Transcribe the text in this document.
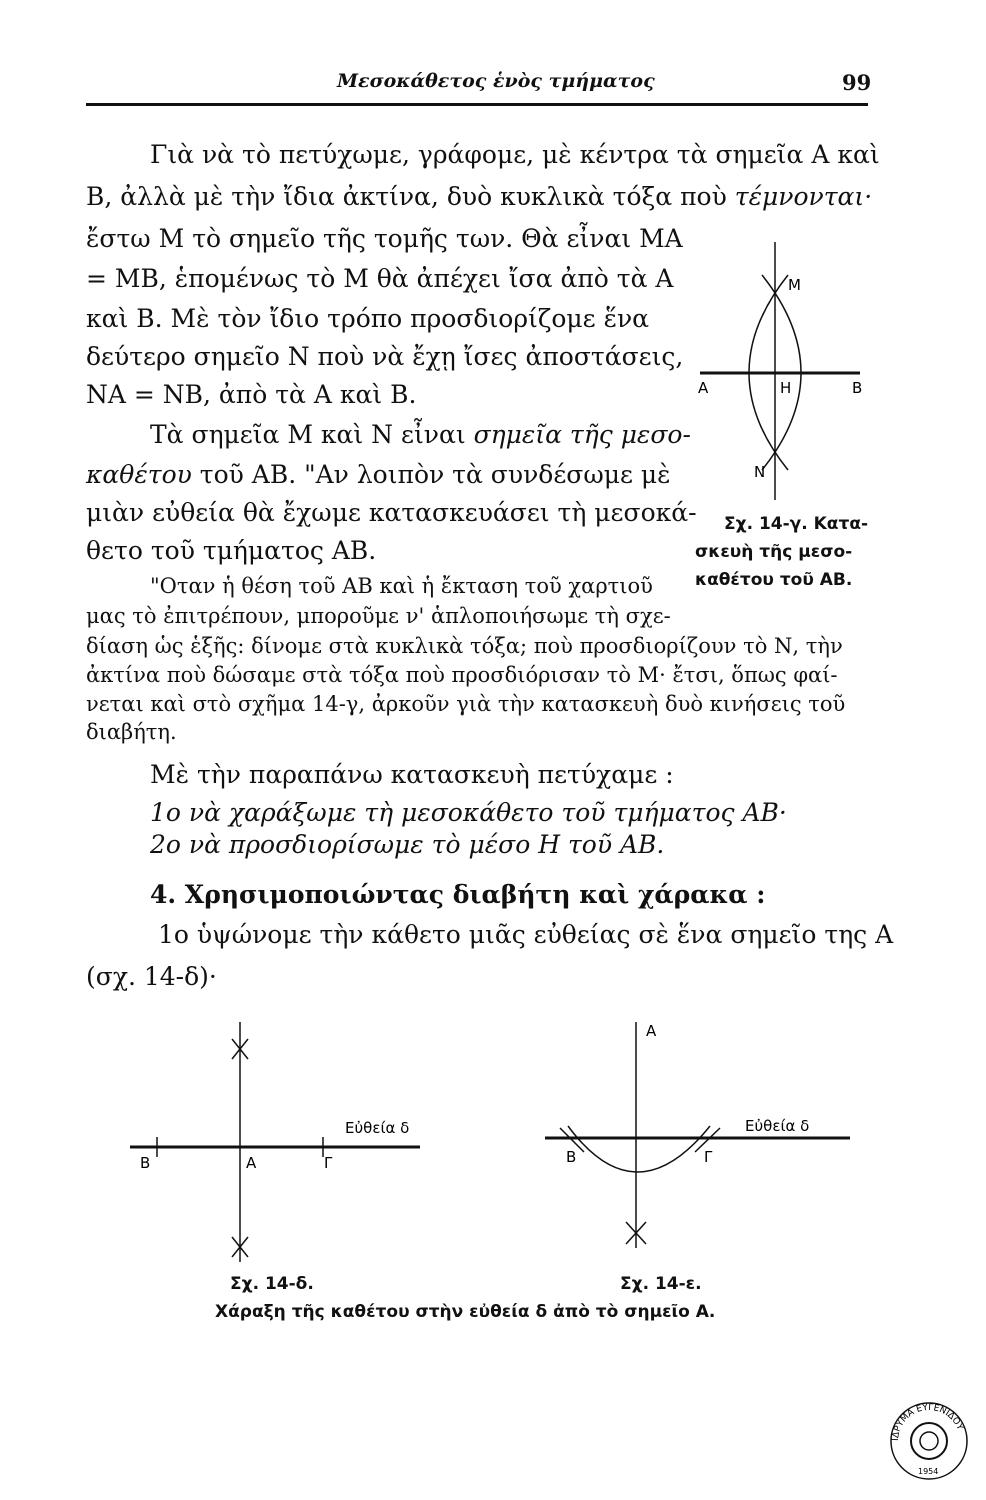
Μεσοκάθετος ἑνὸς τμήματος	99
Γιὰ νὰ τὸ πετύχωμε, γράφομε, μὲ κέντρα τὰ σημεῖα Α καὶ
Β, ἀλλὰ μὲ τὴν ἴδια ἀκτίνα, δυὸ κυκλικὰ τόξα ποὺ τέμνονται·
ἔστω Μ τὸ σημεῖο τῆς τομῆς των. Θὰ εἶναι ΜΑ
= ΜΒ, ἑπομένως τὸ Μ θὰ ἀπέχει ἴσα ἀπὸ τὰ Α
καὶ Β. Μὲ τὸν ἴδιο τρόπο προσδιορίζομε ἕνα
δεύτερο σημεῖο Ν ποὺ νὰ ἔχῃ ἴσες ἀποστάσεις,
ΝΑ = ΝΒ, ἀπὸ τὰ Α καὶ Β.
Τὰ σημεῖα Μ καὶ Ν εἶναι σημεῖα τῆς μεσο-
καθέτου τοῦ ΑΒ. "Αν λοιπὸν τὰ συνδέσωμε μὲ
μιὰν εὐθεία θὰ ἔχωμε κατασκευάσει τὴ μεσοκά-
θετο τοῦ τμήματος ΑΒ.
M
A	H	B
N
Σχ. 14-γ. Κατα-
σκευὴ τῆς μεσο-
καθέτου τοῦ ΑΒ.
"Οταν ἡ θέση τοῦ ΑΒ καὶ ἡ ἔκταση τοῦ χαρτιοῦ
μας τὸ ἐπιτρέπουν, μποροῦμε ν' ἁπλοποιήσωμε τὴ σχε-
δίαση ὡς ἑξῆς: δίνομε στὰ κυκλικὰ τόξα; ποὺ προσδιορίζουν τὸ Ν, τὴν
ἀκτίνα ποὺ δώσαμε στὰ τόξα ποὺ προσδιόρισαν τὸ Μ· ἔτσι, ὅπως φαί-
νεται καὶ στὸ σχῆμα 14-γ, ἀρκοῦν γιὰ τὴν κατασκευὴ δυὸ κινήσεις τοῦ
διαβήτη.
Μὲ τὴν παραπάνω κατασκευὴ πετύχαμε :
1ο νὰ χαράξωμε τὴ μεσοκάθετο τοῦ τμήματος ΑΒ·
2ο νὰ προσδιορίσωμε τὸ μέσο Η τοῦ ΑΒ.
4. Χρησιμοποιώντας διαβήτη καὶ χάρακα :
1ο ὑψώνομε τὴν κάθετο μιᾶς εὐθείας σὲ ἕνα σημεῖο της Α
(σχ. 14-δ)·
Εὐθεία δ
B	A	Γ
A
Εὐθεία δ
B	Γ
Σχ. 14-δ.	Σχ. 14-ε.
Χάραξη τῆς καθέτου στὴν εὐθεία δ ἀπὸ τὸ σημεῖο Α.
ΙΔΡΥΜΑ ΕΥΓΕΝΙΔΟΥ
1954
